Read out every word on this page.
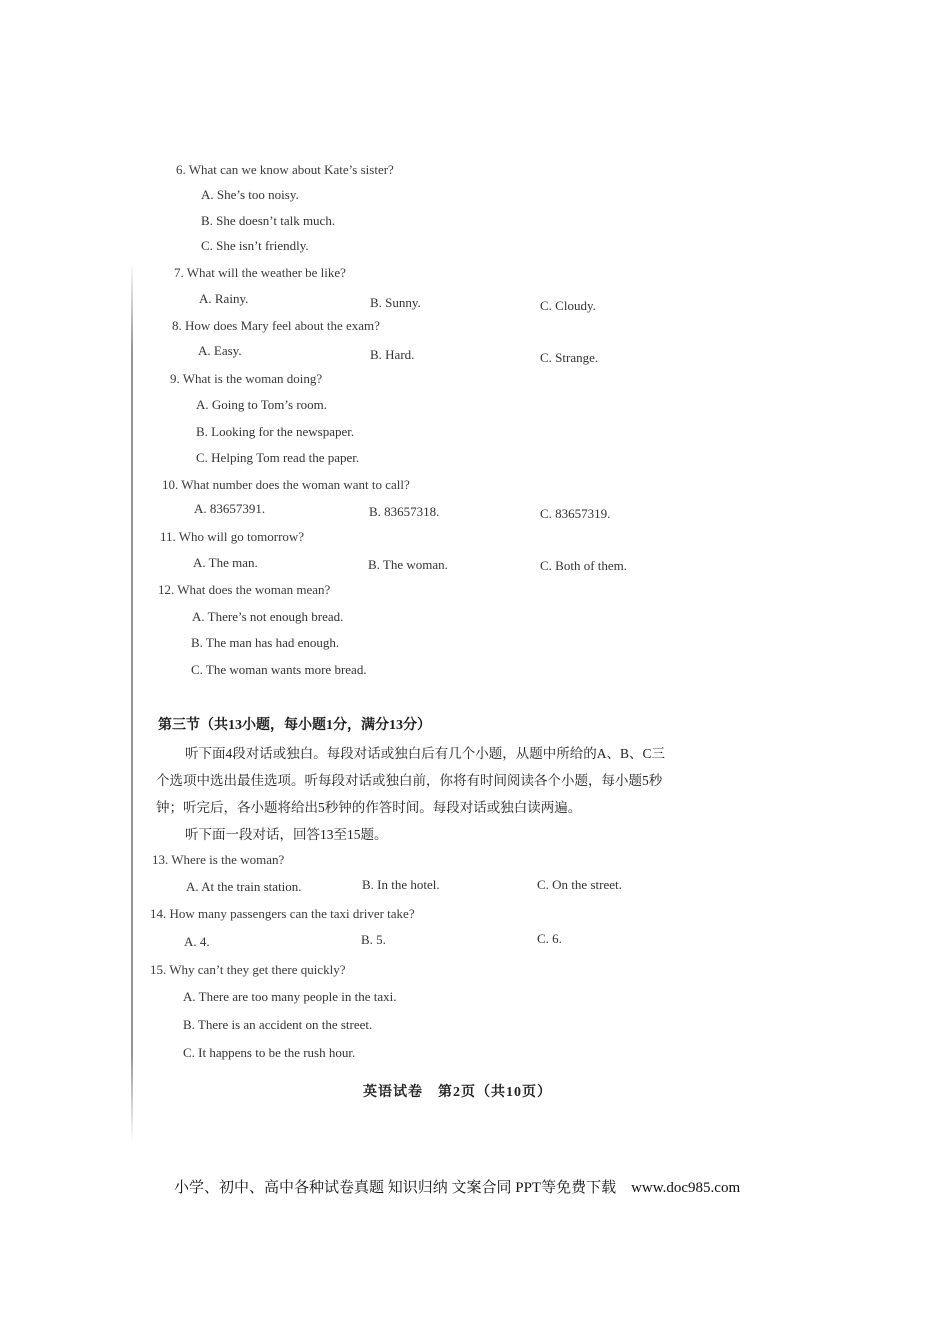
6. What can we know about Kate’s sister?
A. She’s too noisy.
B. She doesn’t talk much.
C. She isn’t friendly.
7. What will the weather be like?
A. Rainy.	B. Sunny.	C. Cloudy.
8. How does Mary feel about the exam?
A. Easy.	B. Hard.	C. Strange.
9. What is the woman doing?
A. Going to Tom’s room.
B. Looking for the newspaper.
C. Helping Tom read the paper.
10. What number does the woman want to call?
A. 83657391.	B. 83657318.	C. 83657319.
11. Who will go tomorrow?
A. The man.	B. The woman.	C. Both of them.
12. What does the woman mean?
A. There’s not enough bread.
B. The man has had enough.
C. The woman wants more bread.
第三节（共13小题，每小题1分，满分13分）
听下面4段对话或独白。每段对话或独白后有几个小题，从题中所给的A、B、C三
个选项中选出最佳选项。听每段对话或独白前，你将有时间阅读各个小题，每小题5秒
钟；听完后，各小题将给出5秒钟的作答时间。每段对话或独白读两遍。
听下面一段对话，回答13至15题。
13. Where is the woman?
A. At the train station.	B. In the hotel.	C. On the street.
14. How many passengers can the taxi driver take?
A. 4.	B. 5.	C. 6.
15. Why can’t they get there quickly?
A. There are too many people in the taxi.
B. There is an accident on the street.
C. It happens to be the rush hour.
英语试卷　第2页（共10页）
小学、初中、高中各种试卷真题 知识归纳 文案合同 PPT等免费下载　www.doc985.com
